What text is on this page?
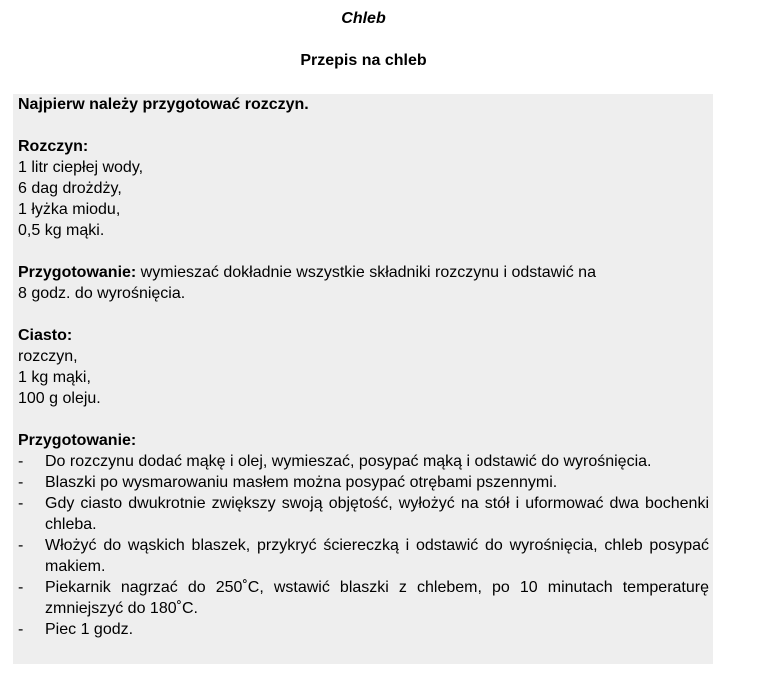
Chleb
Przepis na chleb
Najpierw należy przygotować rozczyn.
Rozczyn:
1 litr ciepłej wody,
6 dag drożdży,
1 łyżka miodu,
0,5 kg mąki.
Przygotowanie: wymieszać dokładnie wszystkie składniki rozczynu i odstawić na
8 godz. do wyrośnięcia.
Ciasto:
rozczyn,
1 kg mąki,
100 g oleju.
Przygotowanie:
- Do rozczynu dodać mąkę i olej, wymieszać, posypać mąką i odstawić do wyrośnięcia.
- Blaszki po wysmarowaniu masłem można posypać otrębami pszennymi.
- Gdy ciasto dwukrotnie zwiększy swoją objętość, wyłożyć na stół i uformować dwa bochenki chleba.
- Włożyć do wąskich blaszek, przykryć ściereczką i odstawić do wyrośnięcia, chleb posypać makiem.
- Piekarnik nagrzać do 250˚C, wstawić blaszki z chlebem, po 10 minutach temperaturę zmniejszyć do 180˚C.
- Piec 1 godz.
